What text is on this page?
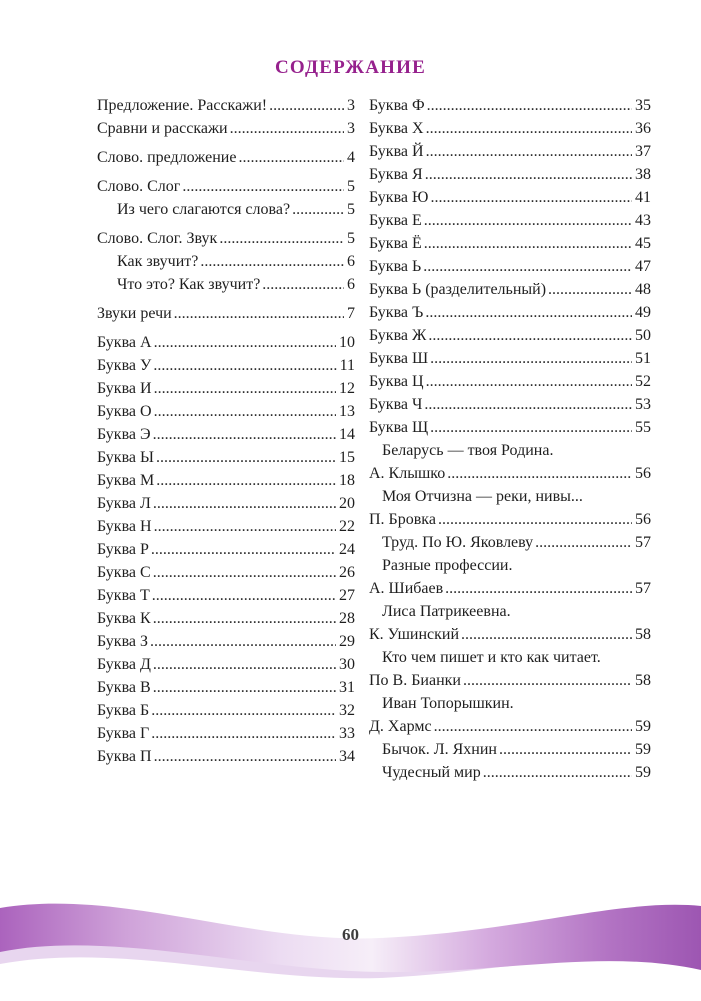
СОДЕРЖАНИЕ
Предложение. Расскажи! .....	3
Сравни и расскажи .....	3
Слово. предложение .....	4
Слово. Слог .....	5
Из чего слагаются слова? .....	5
Слово. Слог. Звук .....	5
Как звучит? .....	6
Что это? Как звучит? .....	6
Звуки речи .....	7
Буква А .....	10
Буква У .....	11
Буква И .....	12
Буква О .....	13
Буква Э .....	14
Буква Ы .....	15
Буква М .....	18
Буква Л .....	20
Буква Н .....	22
Буква Р .....	24
Буква С .....	26
Буква Т .....	27
Буква К .....	28
Буква З .....	29
Буква Д .....	30
Буква В .....	31
Буква Б .....	32
Буква Г .....	33
Буква П .....	34
Буква Ф .....	35
Буква Х .....	36
Буква Й .....	37
Буква Я .....	38
Буква Ю .....	41
Буква Е .....	43
Буква Ё .....	45
Буква Ь .....	47
Буква Ь (разделительный) .....	48
Буква Ъ .....	49
Буква Ж .....	50
Буква Ш .....	51
Буква Ц .....	52
Буква Ч .....	53
Буква Щ .....	55
Беларусь — твоя Родина.
А. Клышко .....	56
Моя Отчизна — реки, нивы...
П. Бровка .....	56
Труд. По Ю. Яковлеву .....	57
Разные профессии.
А. Шибаев .....	57
Лиса Патрикеевна.
К. Ушинский .....	58
Кто чем пишет и кто как читает.
По В. Бианки .....	58
Иван Топорышкин.
Д. Хармс .....	59
Бычок. Л. Яхнин .....	59
Чудесный мир .....	59
60
